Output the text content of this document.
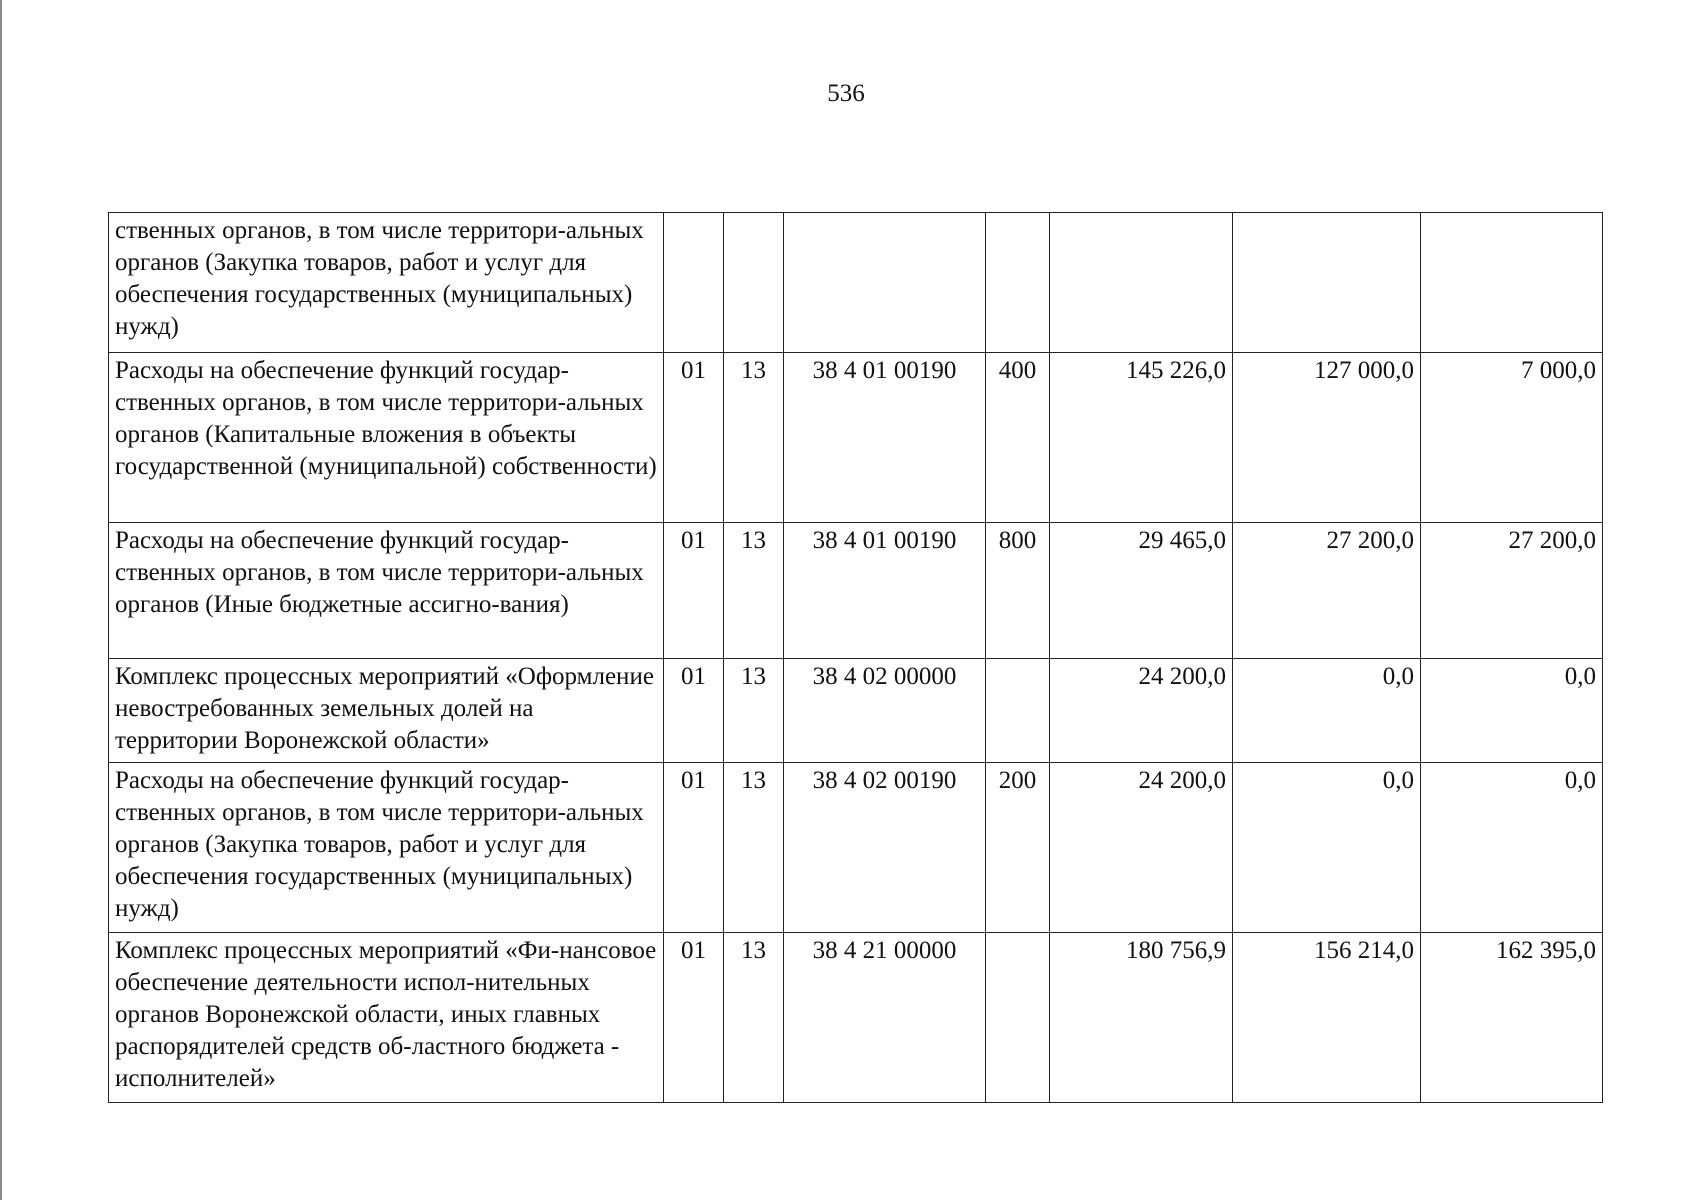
536
ственных органов, в том числе территори-альных органов (Закупка товаров, работ и услуг для обеспечения государственных (муниципальных) нужд)							
Расходы на обеспечение функций государ-ственных органов, в том числе территори-альных органов (Капитальные вложения в объекты государственной (муниципальной) собственности)	01	13	38 4 01 00190	400	145 226,0	127 000,0	7 000,0
Расходы на обеспечение функций государ-ственных органов, в том числе территори-альных органов (Иные бюджетные ассигно-вания)	01	13	38 4 01 00190	800	29 465,0	27 200,0	27 200,0
Комплекс процессных мероприятий «Оформление невостребованных земельных долей на территории Воронежской области»	01	13	38 4 02 00000		24 200,0	0,0	0,0
Расходы на обеспечение функций государ-ственных органов, в том числе территори-альных органов (Закупка товаров, работ и услуг для обеспечения государственных (муниципальных) нужд)	01	13	38 4 02 00190	200	24 200,0	0,0	0,0
Комплекс процессных мероприятий «Фи-нансовое обеспечение деятельности испол-нительных органов Воронежской области, иных главных распорядителей средств об-ластного бюджета - исполнителей»	01	13	38 4 21 00000		180 756,9	156 214,0	162 395,0
